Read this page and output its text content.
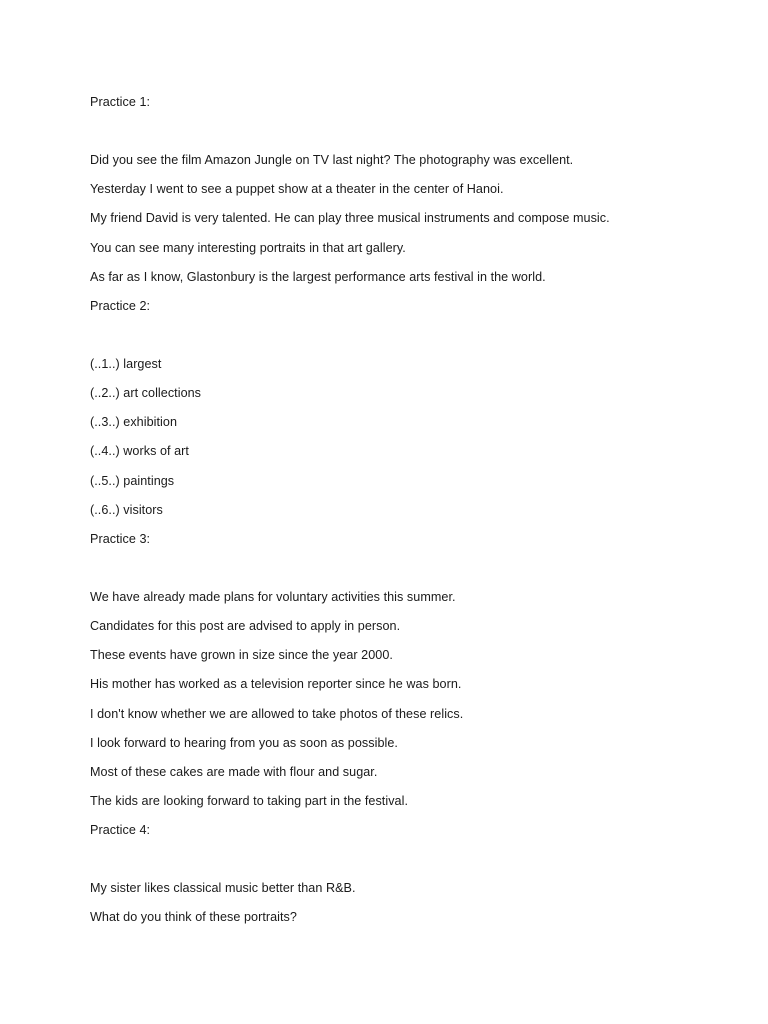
Practice 1:
Did you see the film Amazon Jungle on TV last night? The photography was excellent.
Yesterday I went to see a puppet show at a theater in the center of Hanoi.
My friend David is very talented. He can play three musical instruments and compose music.
You can see many interesting portraits in that art gallery.
As far as I know, Glastonbury is the largest performance arts festival in the world.
Practice 2:
(..1..) largest
(..2..) art collections
(..3..) exhibition
(..4..) works of art
(..5..) paintings
(..6..) visitors
Practice 3:
We have already made plans for voluntary activities this summer.
Candidates for this post are advised to apply in person.
These events have grown in size since the year 2000.
His mother has worked as a television reporter since he was born.
I don't know whether we are allowed to take photos of these relics.
I look forward to hearing from you as soon as possible.
Most of these cakes are made with flour and sugar.
The kids are looking forward to taking part in the festival.
Practice 4:
My sister likes classical music better than R&B.
What do you think of these portraits?
